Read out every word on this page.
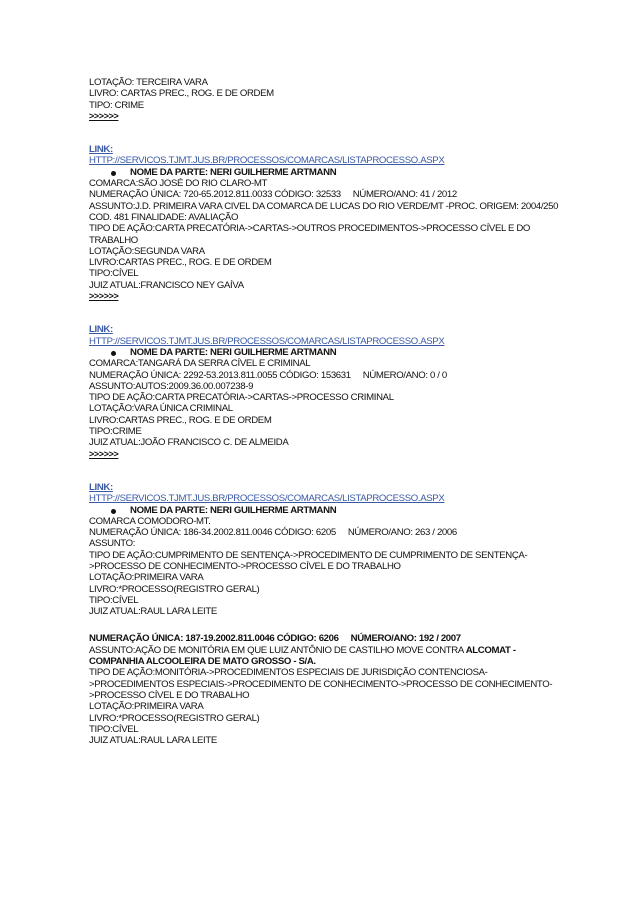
LOTAÇÃO: TERCEIRA VARA

LIVRO: CARTAS PREC., ROG. E DE ORDEM

TIPO: CRIME

>>>>>>

LINK:

HTTP://SERVICOS.TJMT.JUS.BR/PROCESSOS/COMARCAS/LISTAPROCESSO.ASPX

NOME DA PARTE: NERI GUILHERME ARTMANN

COMARCA:SÃO JOSÉ DO RIO CLARO-MT

NUMERAÇÃO ÚNICA: 720-65.2012.811.0033 CÓDIGO: 32533 NÚMERO/ANO: 41 / 2012

ASSUNTO:J.D. PRIMEIRA VARA CIVEL DA COMARCA DE LUCAS DO RIO VERDE/MT -PROC. ORIGEM: 2004/250 COD. 481 FINALIDADE: AVALIAÇÃO

TIPO DE AÇÃO:CARTA PRECATÓRIA->CARTAS->OUTROS PROCEDIMENTOS->PROCESSO CÍVEL E DO TRABALHO

LOTAÇÃO:SEGUNDA VARA

LIVRO:CARTAS PREC., ROG. E DE ORDEM

TIPO:CÍVEL

JUIZ ATUAL:FRANCISCO NEY GAÍVA

>>>>>>

LINK:

HTTP://SERVICOS.TJMT.JUS.BR/PROCESSOS/COMARCAS/LISTAPROCESSO.ASPX

NOME DA PARTE: NERI GUILHERME ARTMANN

COMARCA:TANGARÁ DA SERRA CÍVEL E CRIMINAL

NUMERAÇÃO ÚNICA: 2292-53.2013.811.0055 CÓDIGO: 153631 NÚMERO/ANO: 0 / 0

ASSUNTO:AUTOS:2009.36.00.007238-9

TIPO DE AÇÃO:CARTA PRECATÓRIA->CARTAS->PROCESSO CRIMINAL

LOTAÇÃO:VARA ÚNICA CRIMINAL

LIVRO:CARTAS PREC., ROG. E DE ORDEM

TIPO:CRIME

JUIZ ATUAL:JOÃO FRANCISCO C. DE ALMEIDA

>>>>>>

LINK:

HTTP://SERVICOS.TJMT.JUS.BR/PROCESSOS/COMARCAS/LISTAPROCESSO.ASPX

NOME DA PARTE: NERI GUILHERME ARTMANN

COMARCA COMODORO-MT.

NUMERAÇÃO ÚNICA: 186-34.2002.811.0046 CÓDIGO: 6205 NÚMERO/ANO: 263 / 2006

ASSUNTO:

TIPO DE AÇÃO:CUMPRIMENTO DE SENTENÇA->PROCEDIMENTO DE CUMPRIMENTO DE SENTENÇA->PROCESSO DE CONHECIMENTO->PROCESSO CÍVEL E DO TRABALHO

LOTAÇÃO:PRIMEIRA VARA

LIVRO:*PROCESSO(REGISTRO GERAL)

TIPO:CÍVEL

JUIZ ATUAL:RAUL LARA LEITE

NUMERAÇÃO ÚNICA: 187-19.2002.811.0046 CÓDIGO: 6206 NÚMERO/ANO: 192 / 2007

ASSUNTO:AÇÃO DE MONITÓRIA EM QUE LUIZ ANTÔNIO DE CASTILHO MOVE CONTRA ALCOMAT - COMPANHIA ALCOOLEIRA DE MATO GROSSO - S/A.

TIPO DE AÇÃO:MONITÓRIA->PROCEDIMENTOS ESPECIAIS DE JURISDIÇÃO CONTENCIOSA->PROCEDIMENTOS ESPECIAIS->PROCEDIMENTO DE CONHECIMENTO->PROCESSO DE CONHECIMENTO->PROCESSO CÍVEL E DO TRABALHO

LOTAÇÃO:PRIMEIRA VARA

LIVRO:*PROCESSO(REGISTRO GERAL)

TIPO:CÍVEL

JUIZ ATUAL:RAUL LARA LEITE
